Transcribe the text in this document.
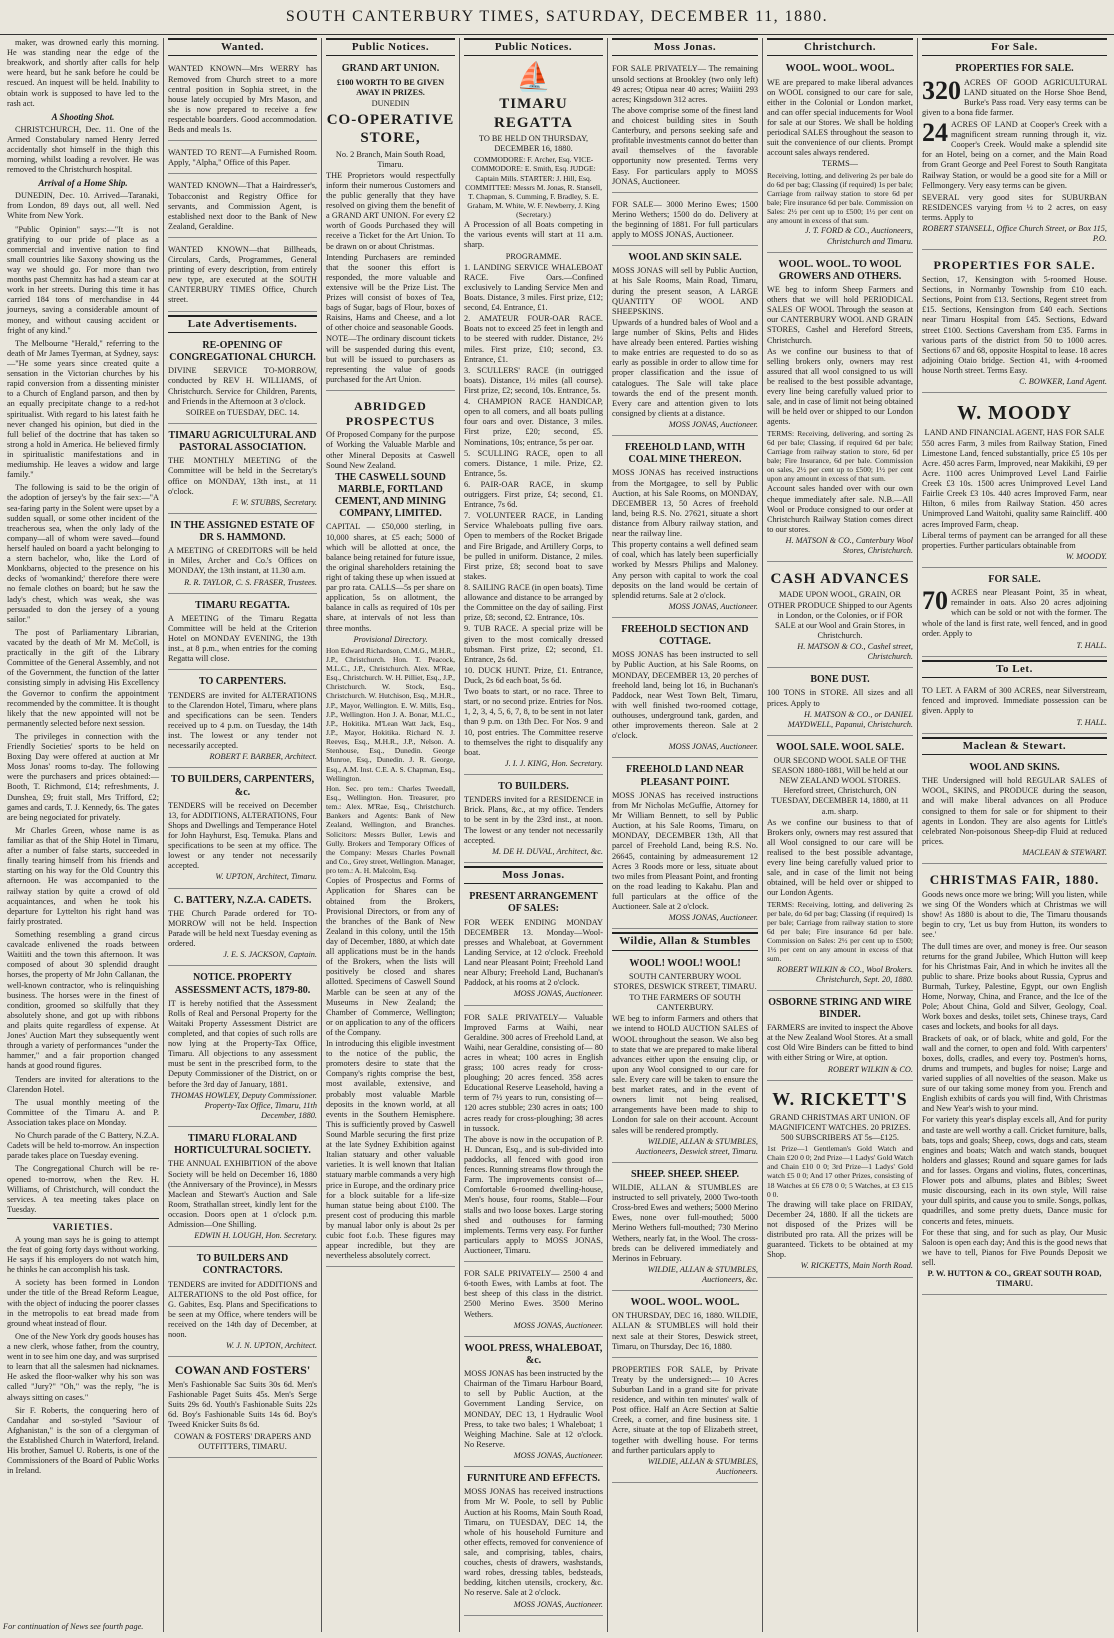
SOUTH CANTERBURY TIMES, SATURDAY, DECEMBER 11, 1880.

maker, was drowned early this morning. He was standing near the edge of the breakwork, and shortly after calls for help were heard, but he sank before he could be rescued. An inquest will be held. Inability to obtain work is supposed to have led to the rash act.

A Shooting Shot.

CHRISTCHURCH, Dec. 11. One of the Armed Constabulary named Henry Jerred accidentally shot himself in the thigh this morning, whilst loading a revolver. He was removed to the Christchurch hospital.

Arrival of a Home Ship.

DUNEDIN, Dec. 10. Arrived—Taranaki, from London, 89 days out, all well. Ned White from New York.

"Public Opinion" says:—"It is not gratifying to our pride of place as a commercial and inventive nation to find small countries like Saxony showing us the way we should go. For more than two months past Chemnitz has had a steam car at work in her streets. During this time it has carried 184 tons of merchandise in 44 journeys, saving a considerable amount of money, and without causing accident or fright of any kind."

The Melbourne "Herald," referring to the death of Mr James Tyerman, at Sydney, says:—"He some years since created quite a sensation in the Victorian churches by his rapid conversion from a dissenting minister to a Church of England parson, and then by an equally precipitate change to a red-hot spiritualist. With regard to his latest faith he never changed his opinion, but died in the full belief of the doctrine that has taken so strong a hold in America. He believed firmly in spiritualistic manifestations and in mediumship. He leaves a widow and large family."

The following is said to be the origin of the adoption of jersey's by the fair sex:—"A sea-faring party in the Solent were upset by a sudden squall, or some other incident of the treacherous sea, when the only lady of the company—all of whom were saved—found herself hauled on board a yacht belonging to a stern bachelor, who, like the Lord of Monkbarns, objected to the presence on his decks of 'womankind;' therefore there were no female clothes on board; but he saw the lady's chest, which was weak, she was persuaded to don the jersey of a young sailor."

The post of Parliamentary Librarian, vacated by the death of Mr M. McColl, is practically in the gift of the Library Committee of the General Assembly, and not of the Government, the function of the latter consisting simply in advising His Excellency the Governor to confirm the appointment recommended by the committee. It is thought likely that the new appointed will not be permanently selected before next session.

The privileges in connection with the Friendly Societies' sports to be held on Boxing Day were offered at auction at Mr Moss Jonas' rooms to-day. The following were the purchasers and prices obtained:—Booth, T. Richmond, £14; refreshments, J. Dunshea, £9; fruit stall, Mrs Trifford, £2; games and cards, T. J. Kennedy, 6s. The gates are being negociated for privately.

Mr Charles Green, whose name is as familiar as that of the Ship Hotel in Timaru, after a number of false starts, succeeded in finally tearing himself from his friends and starting on his way for the Old Country this afternoon. He was accompanied to the railway station by quite a crowd of old acquaintances, and when he took his departure for Lyttelton his right hand was fairly prostrated.

Something resembling a grand circus cavalcade enlivened the roads between Waitiiti and the town this afternoon. It was composed of about 30 splendid draught horses, the property of Mr John Callanan, the well-known contractor, who is relinquishing business. The horses were in the finest of condition, groomed so skilfully that they absolutely shone, and got up with ribbons and plaits quite regardless of expense. At Jones' Auction Mart they subsequently went through a variety of performances "under the hammer," and a fair proportion changed hands at good round figures.

Tenders are invited for alterations to the Clarendon Hotel.

The usual monthly meeting of the Committee of the Timaru A. and P. Association takes place on Monday.

No Church parade of the C Battery, N.Z.A. Cadets will be held to-morrow. An inspection parade takes place on Tuesday evening.

The Congregational Church will be re-opened to-morrow, when the Rev. H. Williams, of Christchurch, will conduct the services. A tea meeting takes place on Tuesday.

VARIETIES.

A young man says he is going to attempt the feat of going forty days without working. He says if his employers do not watch him, he thinks he can accomplish his task.

A society has been formed in London under the title of the Bread Reform League, with the object of inducing the poorer classes in the metropolis to eat bread made from ground wheat instead of flour.

One of the New York dry goods houses has a new clerk, whose father, from the country, went in to see him one day, and was surprised to learn that all the salesmen had nicknames. He asked the floor-walker why his son was called "Jury?" "Oh," was the reply, "he is always sitting on cases."

Sir F. Roberts, the conquering hero of Candahar and so-styled "Saviour of Afghanistan," is the son of a clergyman of the Established Church in Waterford, Ireland. His brother, Samuel U. Roberts, is one of the Commissioners of the Board of Public Works in Ireland.

Wanted.

WANTED KNOWN—Mrs WERRY has Removed from Church street to a more central position in Sophia street, in the house lately occupied by Mrs Mason, and she is now prepared to receive a few respectable boarders. Good accommodation. Beds and meals 1s.

WANTED TO RENT—A Furnished Room. Apply, "Alpha," Office of this Paper.

WANTED KNOWN—That a Hairdresser's, Tobacconist and Registry Office for servants, and Commission Agent, is established next door to the Bank of New Zealand, Geraldine.

WANTED KNOWN—that Billheads, Circulars, Cards, Programmes, General printing of every description, from entirely new type, are executed at the SOUTH CANTERBURY TIMES Office, Church street.

Late Advertisements.
RE-OPENING OF CONGREGATIONAL CHURCH.

DIVINE SERVICE TO-MORROW, conducted by REV H. WILLIAMS, of Christchurch. Service for Children, Parents, and Friends in the Afternoon at 3 o'clock.

SOIREE on TUESDAY, DEC. 14.

TIMARU AGRICULTURAL AND PASTORAL ASSOCIATION.

THE MONTHLY MEETING of the Committee will be held in the Secretary's office on MONDAY, 13th inst., at 11 o'clock.

F. W. STUBBS, Secretary.

IN THE ASSIGNED ESTATE OF DR S. HAMMOND.

A MEETING of CREDITORS will be held in Miles, Archer and Co.'s Offices on MONDAY, the 13th instant, at 11.30 a.m.

R. R. TAYLOR, C. S. FRASER, Trustees.

TIMARU REGATTA.

A MEETING of the Timaru Regatta Committee will be held at the Criterion Hotel on MONDAY EVENING, the 13th inst., at 8 p.m., when entries for the coming Regatta will close.

TO CARPENTERS.

TENDERS are invited for ALTERATIONS to the Clarendon Hotel, Timaru, where plans and specifications can be seen. Tenders received up to 4 p.m. on Tuesday, the 14th inst. The lowest or any tender not necessarily accepted.

ROBERT F. BARBER, Architect.

TO BUILDERS, CARPENTERS, &c.

TENDERS will be received on December 13, for ADDITIONS, ALTERATIONS, Four Shops and Dwellings and Temperance Hotel for John Hayhurst, Esq. Temuka. Plans and specifications to be seen at my office. The lowest or any tender not necessarily accepted.

W. UPTON, Architect, Timaru.

C. BATTERY, N.Z.A. CADETS.

THE Church Parade ordered for TO-MORROW will not be held. Inspection Parade will be held next Tuesday evening as ordered.

J. E. S. JACKSON, Captain.

NOTICE. PROPERTY ASSESSMENT ACTS, 1879-80.

IT is hereby notified that the Assessment Rolls of Real and Personal Property for the Waitaki Property Assessment District are completed, and that copies of such rolls are now lying at the Property-Tax Office, Timaru. All objections to any assessment must be sent in the prescribed form, to the Deputy Commissioner of the District, on or before the 3rd day of January, 1881.

THOMAS HOWLEY, Deputy Commissioner. Property-Tax Office, Timaru, 11th December, 1880.

TIMARU FLORAL AND HORTICULTURAL SOCIETY.

THE ANNUAL EXHIBITION of the above Society will be held on December 16, 1880 (the Anniversary of the Province), in Messrs Maclean and Stewart's Auction and Sale Room, Strathallan street, kindly lent for the occasion. Doors open at 1 o'clock p.m. Admission—One Shilling.

EDWIN H. LOUGH, Hon. Secretary.

TO BUILDERS AND CONTRACTORS.

TENDERS are invited for ADDITIONS and ALTERATIONS to the old Post office, for G. Gabites, Esq. Plans and Specifications to be seen at my Office, where tenders will be received on the 14th day of December, at noon.

W. J. N. UPTON, Architect.

COWAN AND FOSTERS'

Men's Fashionable Sac Suits 30s 6d. Men's Fashionable Paget Suits 45s. Men's Serge Suits 29s 6d. Youth's Fashionable Suits 22s 6d. Boy's Fashionable Suits 14s 6d. Boy's Tweed Knicker Suits 8s 6d.

COWAN & FOSTERS' DRAPERS AND OUTFITTERS, TIMARU.

Public Notices.
GRAND ART UNION.

£100 WORTH TO BE GIVEN AWAY IN PRIZES.

DUNEDIN

CO-OPERATIVE STORE,

No. 2 Branch, Main South Road, Timaru.

THE Proprietors would respectfully inform their numerous Customers and the public generally that they have resolved on giving them the benefit of a GRAND ART UNION. For every £2 worth of Goods Purchased they will receive a Ticket for the Art Union. To be drawn on or about Christmas.

Intending Purchasers are reminded that the sooner this effort is responded, the more valuable and extensive will be the Prize List. The Prizes will consist of boxes of Tea, bags of Sugar, bags of Flour, boxes of Raisins, Hams and Cheese, and a lot of other choice and seasonable Goods.

NOTE—The ordinary discount tickets will be suspended during this event, but will be issued to purchasers as representing the value of goods purchased for the Art Union.

ABRIDGED PROSPECTUS

Of Proposed Company for the purpose of Working the Valuable Marble and other Mineral Deposits at Caswell Sound New Zealand.

THE CASWELL SOUND MARBLE, FORTLAND CEMENT, AND MINING COMPANY, LIMITED.

CAPITAL — £50,000 sterling, in 10,000 shares, at £5 each; 5000 of which will be allotted at once, the balance being retained for future issue, the original shareholders retaining the right of taking these up when issued at par pro rata. CALLS—5s per share on application, 5s on allotment, the balance in calls as required of 10s per share, at intervals of not less than three months.

Provisional Directory.

Hon Edward Richardson, C.M.G., M.H.R., J.P., Christchurch. Hon. T. Peacock, M.L.C., J.P., Christchurch. Alex. M'Rae, Esq., Christchurch. W. H. Pilliet, Esq., J.P., Christchurch. W. Stock, Esq., Christchurch. W. Hutchison, Esq., M.H.R., J.P., Mayor, Wellington. E. W. Mills, Esq., J.P., Wellington. Hon J. A. Bonar, M.L.C., J.P., Hokitika. M'Lean Watt Jack, Esq., J.P., Mayor, Hokitika. Richard N. J. Reeves, Esq., M.H.R., J.P., Nelson. A. Stenhouse, Esq., Dunedin. George Munroe, Esq., Dunedin. J. R. George, Esq., A.M. Inst. C.E. A. S. Chapman, Esq., Wellington.

Hon. Sec. pro tem.: Charles Tweedall, Esq., Wellington. Hon. Treasurer, pro tem.: Alex. M'Rae, Esq., Christchurch. Bankers and Agents: Bank of New Zealand, Wellington, and Branches. Solicitors: Messrs Buller, Lewis and Gully. Brokers and Temporary Offices of the Company: Messrs Charles Pownall and Co., Grey street, Wellington. Manager, pro tem.: A. H. Malcolm, Esq.

Copies of Prospectus and Forms of Application for Shares can be obtained from the Brokers, Provisional Directors, or from any of the branches of the Bank of New Zealand in this colony, until the 15th day of December, 1880, at which date all applications must be in the hands of the Brokers, when the lists will positively be closed and shares allotted. Specimens of Caswell Sound Marble can be seen at any of the Museums in New Zealand; the Chamber of Commerce, Wellington; or on application to any of the officers of the Company.

In introducing this eligible investment to the notice of the public, the promoters desire to state that the Company's rights comprise the best, most available, extensive, and probably most valuable Marble deposits in the known world, at all events in the Southern Hemisphere. This is sufficiently proved by Caswell Sound Marble securing the first prize at the late Sydney Exhibition against Italian statuary and other valuable varieties. It is well known that Italian statuary marble commands a very high price in Europe, and the ordinary price for a block suitable for a life-size human statue being about £100. The present cost of producing this marble by manual labor only is about 2s per cubic foot f.o.b. These figures may appear incredible, but they are nevertheless absolutely correct.

Public Notices.
⛵
TIMARU REGATTA

TO BE HELD ON THURSDAY, DECEMBER 16, 1880.

COMMODORE: F. Archer, Esq. VICE-COMMODORE: E. Smith, Esq. JUDGE: Captain Mills. STARTER: J. Hill, Esq. COMMITTEE: Messrs M. Jonas, R. Stansell, T. Chapman, S. Cumming, F. Bradley, S. E. Graham, M. White, W. F. Newberry, J. King (Secretary.)

A Procession of all Boats competing in the various events will start at 11 a.m. sharp.

PROGRAMME.

1. LANDING SERVICE WHALEBOAT RACE. Five Oars.—Confined exclusively to Landing Service Men and Boats. Distance, 3 miles. First prize, £12; second, £4. Entrance, £1.

2. AMATEUR FOUR-OAR RACE. Boats not to exceed 25 feet in length and to be steered with rudder. Distance, 2½ miles. First prize, £10; second, £3. Entrance, £1.

3. SCULLERS' RACE (in outrigged boats). Distance, 1½ miles (all course). First prize, £2; second, 10s. Entrance, 5s.

4. CHAMPION RACE HANDICAP, open to all comers, and all boats pulling four oars and over. Distance, 3 miles. First prize, £20; second, £5. Nominations, 10s; entrance, 5s per oar.

5. SCULLING RACE, open to all comers. Distance, 1 mile. Prize, £2. Entrance, 5s.

6. PAIR-OAR RACE, in skump outriggers. First prize, £4; second, £1. Entrance, 7s 6d.

7. VOLUNTEER RACE, in Landing Service Whaleboats pulling five oars. Open to members of the Rocket Brigade and Fire Brigade, and Artillery Corps, to be pulled in uniform. Distance, 2 miles. First prize, £8; second boat to save stakes.

8. SAILING RACE (in open boats). Time allowance and distance to be arranged by the Committee on the day of sailing. First prize, £8; second, £2. Entrance, 10s.

9. TUB RACE. A special prize will be given to the most comically dressed tubsman. First prize, £2; second, £1. Entrance, 2s 6d.

10. DUCK HUNT. Prize, £1. Entrance, Duck, 2s 6d each boat, 5s 6d.

Two boats to start, or no race. Three to start, or no second prize. Entries for Nos. 1, 2, 3, 4, 5, 6, 7, 8, to be sent in not later than 9 p.m. on 13th Dec. For Nos. 9 and 10, post entries. The Committee reserve to themselves the right to disqualify any boat.

J. I. J. KING, Hon. Secretary.

TO BUILDERS.

TENDERS invited for a RESIDENCE in Brick. Plans, &c., at my office. Tenders to be sent in by the 23rd inst., at noon. The lowest or any tender not necessarily accepted.

M. DE H. DUVAL, Architect, &c.

Moss Jonas.
PRESENT ARRANGEMENT OF SALES:

FOR WEEK ENDING MONDAY DECEMBER 13. Monday—Wool-presses and Whaleboat, at Government Landing Service, at 12 o'clock. Freehold Land near Pleasant Point; Freehold Land near Albury; Freehold Land, Buchanan's Paddock, at his rooms at 2 o'clock.

MOSS JONAS, Auctioneer.

FOR SALE PRIVATELY— Valuable Improved Farms at Waihi, near Geraldine. 300 acres of Freehold Land, at Waihi, near Geraldine, consisting of— 80 acres in wheat; 100 acres in English grass; 100 acres ready for cross-ploughing; 20 acres fenced. 358 acres Educational Reserve Leasehold, having a term of 7½ years to run, consisting of— 120 acres stubble; 230 acres in oats; 100 acres ready for cross-ploughing; 38 acres in tussock.

The above is now in the occupation of P. H. Duncan, Esq., and is sub-divided into paddocks, all fenced with good iron fences. Running streams flow through the Farm. The improvements consist of—Comfortable 6-roomed dwelling-house, Men's house, four rooms, Stable—Four stalls and two loose boxes. Large storing shed and outhouses for farming implements. Terms very easy. For further particulars apply to MOSS JONAS, Auctioneer, Timaru.

FOR SALE PRIVATELY— 2500 4 and 6-tooth Ewes, with Lambs at foot. The best sheep of this class in the district. 2500 Merino Ewes. 3500 Merino Wethers.

MOSS JONAS, Auctioneer.

WOOL PRESS, WHALEBOAT, &c.

MOSS JONAS has been instructed by the Chairman of the Timaru Harbour Board, to sell by Public Auction, at the Government Landing Service, on MONDAY, DEC 13, 1 Hydraulic Wool Press, to take two bales; 1 Whaleboat; 1 Weighing Machine. Sale at 12 o'clock. No Reserve.

MOSS JONAS, Auctioneer.

FURNITURE AND EFFECTS.

MOSS JONAS has received instructions from Mr W. Poole, to sell by Public Auction at his Rooms, Main South Road, Timaru, on TUESDAY, DEC 14, the whole of his household Furniture and other effects, removed for convenience of sale, and comprising, tables, chairs, couches, chests of drawers, washstands, ward robes, dressing tables, bedsteads, bedding, kitchen utensils, crockery, &c. No reserve. Sale at 2 o'clock.

MOSS JONAS, Auctioneer.

Moss Jonas.

FOR SALE PRIVATELY— The remaining unsold sections at Brookley (two only left) 49 acres; Otipua near 40 acres; Waiiiti 293 acres; Kingsdown 312 acres.

The above comprise some of the finest land and choicest building sites in South Canterbury, and persons seeking safe and profitable investments cannot do better than avail themselves of the favorable opportunity now presented. Terms very Easy. For particulars apply to MOSS JONAS, Auctioneer.

FOR SALE— 3000 Merino Ewes; 1500 Merino Wethers; 1500 do do. Delivery at the beginning of 1881. For full particulars apply to MOSS JONAS, Auctioneer.

WOOL AND SKIN SALE.

MOSS JONAS will sell by Public Auction, at his Sale Rooms, Main Road, Timaru, during the present season, A LARGE QUANTITY OF WOOL AND SHEEPSKINS.

Upwards of a hundred bales of Wool and a large number of Skins, Pelts and Hides have already been entered. Parties wishing to make entries are requested to do so as early as possible in order to allow time for proper classification and the issue of catalogues. The Sale will take place towards the end of the present month. Every care and attention given to lots consigned by clients at a distance.

MOSS JONAS, Auctioneer.

FREEHOLD LAND, WITH COAL MINE THEREON.

MOSS JONAS has received instructions from the Mortgagee, to sell by Public Auction, at his Sale Rooms, on MONDAY, DECEMBER 13, 50 Acres of freehold land, being R.S. No. 27621, situate a short distance from Albury railway station, and near the railway line.

This property contains a well defined seam of coal, which has lately been superficially worked by Messrs Philips and Maloney. Any person with capital to work the coal deposits on the land would be certain of splendid returns. Sale at 2 o'clock.

MOSS JONAS, Auctioneer.

FREEHOLD SECTION AND COTTAGE.

MOSS JONAS has been instructed to sell by Public Auction, at his Sale Rooms, on MONDAY, DECEMBER 13, 20 perches of freehold land, being lot 16, in Buchanan's Paddock, near West Town Belt, Timaru, with well finished two-roomed cottage, outhouses, underground tank, garden, and other improvements thereon. Sale at 2 o'clock.

MOSS JONAS, Auctioneer.

FREEHOLD LAND NEAR PLEASANT POINT.

MOSS JONAS has received instructions from Mr Nicholas McGuffie, Attorney for Mr William Bennett, to sell by Public Auction, at his Sale Rooms, Timaru, on MONDAY, DECEMBER 13th, All that parcel of Freehold Land, being R.S. No. 26645, containing by admeasurement 12 Acres 3 Roods more or less, situate about two miles from Pleasant Point, and fronting on the road leading to Kakahu. Plan and full particulars at the office of the Auctioneer. Sale at 2 o'clock.

MOSS JONAS, Auctioneer.

Wildie, Allan & Stumbles
WOOL! WOOL! WOOL!

SOUTH CANTERBURY WOOL STORES, DESWICK STREET, TIMARU.

TO THE FARMERS OF SOUTH CANTERBURY.

WE beg to inform Farmers and others that we intend to HOLD AUCTION SALES of WOOL throughout the season. We also beg to state that we are prepared to make liberal advances either upon the ensuing clip, or upon any Wool consigned to our care for sale. Every care will be taken to ensure the best market rates, and in the event of owners limit not being realised, arrangements have been made to ship to London for sale on their account. Account sales will be rendered promptly.

WILDIE, ALLAN & STUMBLES, Auctioneers, Deswick street, Timaru.

SHEEP. SHEEP. SHEEP.

WILDIE, ALLAN & STUMBLES are instructed to sell privately, 2000 Two-tooth Cross-bred Ewes and wethers; 5000 Merino Ewes, none over full-mouthed; 5000 Merino Wethers full-mouthed; 730 Merino Wethers, nearly fat, in the Wool. The cross-breds can be delivered immediately and Merinos in February.

WILDIE, ALLAN & STUMBLES, Auctioneers, &c.

WOOL. WOOL. WOOL.

ON THURSDAY, DEC 16, 1880. WILDIE, ALLAN & STUMBLES will hold their next sale at their Stores, Deswick street, Timaru, on Thursday, Dec 16, 1880.

PROPERTIES FOR SALE, by Private Treaty by the undersigned:— 10 Acres Suburban Land in a grand site for private residence, and within ten minutes' walk of Post office. Half an Acre Section at Saltie Creek, a corner, and fine business site. 1 Acre, situate at the top of Elizabeth street, together with dwelling house. For terms and further particulars apply to

WILDIE, ALLAN & STUMBLES, Auctioneers.

Christchurch.
WOOL. WOOL. WOOL.

WE are prepared to make liberal advances on WOOL consigned to our care for sale, either in the Colonial or London market, and can offer special inducements for Wool for sale at our Stores. We shall be holding periodical SALES throughout the season to suit the convenience of our clients. Prompt account sales always rendered.

TERMS—

Receiving, lotting, and delivering 2s per bale do do 6d per bag; Classing (if required) 1s per bale; Carriage from railway station to store 6d per bale; Fire insurance 6d per bale. Commission on Sales: 2½ per cent up to £500; 1½ per cent on any amount in excess of that sum.

J. T. FORD & CO., Auctioneers, Christchurch and Timaru.

WOOL. WOOL. TO WOOL GROWERS AND OTHERS.

WE beg to inform Sheep Farmers and others that we will hold PERIODICAL SALES OF WOOL Through the season at our CANTERBURY WOOL AND GRAIN STORES, Cashel and Hereford Streets, Christchurch.

As we confine our business to that of selling brokers only, owners may rest assured that all wool consigned to us will be realised to the best possible advantage, every line being carefully valued prior to sale, and in case of limit not being obtained will be held over or shipped to our London agents.

TERMS: Receiving, delivering, and sorting 2s 6d per bale; Classing, if required 6d per bale; Carriage from railway station to store, 6d per bale; Fire Insurance, 6d per bale. Commission on sales, 2½ per cent up to £500; 1½ per cent upon any amount in excess of that sum.

Account sales handed over with our own cheque immediately after sale. N.B.—All Wool or Produce consigned to our order at Christchurch Railway Station comes direct to our stores.

H. MATSON & CO., Canterbury Wool Stores, Christchurch.

CASH ADVANCES

MADE UPON WOOL, GRAIN, OR OTHER PRODUCE Shipped to our Agents in London, or the Colonies, or if FOR SALE at our Wool and Grain Stores, in Christchurch.

H. MATSON & CO., Cashel street, Christchurch.

BONE DUST.

100 TONS in STORE. All sizes and all prices. Apply to

H. MATSON & CO., or DANIEL MAYDWELL, Papanui, Christchurch.

WOOL SALE. WOOL SALE.

OUR SECOND WOOL SALE OF THE SEASON 1880-1881, Will be held at our NEW ZEALAND WOOL STORES. Hereford street, Christchurch, ON TUESDAY, DECEMBER 14, 1880, at 11 a.m. sharp.

As we confine our business to that of Brokers only, owners may rest assured that all Wool consigned to our care will be realised to the best possible advantage, every line being carefully valued prior to sale, and in case of the limit not being obtained, will be held over or shipped to our London Agents.

TERMS: Receiving, lotting, and delivering 2s per bale, do 6d per bag; Classing (if required) 1s per bale; Carriage from railway station to store 6d per bale; Fire insurance 6d per bale. Commission on Sales: 2½ per cent up to £500; 1½ per cent on any amount in excess of that sum.

ROBERT WILKIN & CO., Wool Brokers. Christchurch, Sept. 20, 1880.

OSBORNE STRING AND WIRE BINDER.

FARMERS are invited to inspect the Above at the New Zealand Wool Stores. At a small cost Old Wire Binders can be fitted to bind with either String or Wire, at option.

ROBERT WILKIN & CO.

W. RICKETT'S

GRAND CHRISTMAS ART UNION. OF MAGNIFICENT WATCHES. 20 PRIZES. 500 SUBSCRIBERS AT 5s—£125.

1st Prize—1 Gentleman's Gold Watch and Chain £20 0 0; 2nd Prize—1 Ladys' Gold Watch and Chain £10 0 0; 3rd Prize—1 Ladys' Gold watch £5 0 0; And 17 other Prizes, consisting of 18 Watches at £6 £78 0 0; 5 Watches, at £3 £15 0 0.

The drawing will take place on FRIDAY, December 24, 1880. If all the tickets are not disposed of the Prizes will be distributed pro rata. All the prizes will be guaranteed. Tickets to be obtained at my Shop.

W. RICKETTS, Main North Road.

For Sale.
PROPERTIES FOR SALE.

320 ACRES OF GOOD AGRICULTURAL LAND situated on the Horse Shoe Bend, Burke's Pass road. Very easy terms can be given to a bona fide farmer.

24 ACRES OF LAND at Cooper's Creek with a magnificent stream running through it, viz. Cooper's Creek. Would make a splendid site for an Hotel, being on a corner, and the Main Road from Grant George and Peel Forest to South Rangitata Railway Station, or would be a good site for a Mill or Fellmongery. Very easy terms can be given.

SEVERAL very good sites for SUBURBAN RESIDENCES varying from ½ to 2 acres, on easy terms. Apply to

ROBERT STANSELL, Office Church Street, or Box 115, P.O.

PROPERTIES FOR SALE.

Section, 17, Kensington with 5-roomed House. Sections, in Normanby Township from £10 each. Sections, Point from £13. Sections, Regent street from £15. Sections, Kensington from £40 each. Sections near Timaru Hospital from £45. Sections, Edward street £100. Sections Caversham from £35. Farms in various parts of the district from 50 to 1000 acres. Sections 67 and 68, opposite Hospital to lease. 18 acres adjoining Otaio bridge. Section 41, with 4-roomed house North street. Terms Easy.

C. BOWKER, Land Agent.

W. MOODY

LAND AND FINANCIAL AGENT, HAS FOR SALE

550 acres Farm, 3 miles from Railway Station, Fined Limestone Land, fenced substantially, price £5 10s per Acre. 450 acres Farm, Improved, near Makikihi, £9 per Acre. 1100 acres Unimproved Level Land Fairlie Creek £3 10s. 1500 acres Unimproved Level Land Fairlie Creek £3 10s. 440 acres Improved Farm, near Hilton, 6 miles from Railway Station. 450 acres Unimproved Land Waitohi, quality same Raincliff. 400 acres Improved Farm, cheap.

Liberal terms of payment can be arranged for all these properties. Further particulars obtainable from

W. MOODY.

FOR SALE.

70 ACRES near Pleasant Point, 35 in wheat, remainder in oats. Also 20 acres adjoining which can be sold or not with the former. The whole of the land is first rate, well fenced, and in good order. Apply to

T. HALL.

To Let.

TO LET. A FARM of 300 ACRES, near Silverstream, fenced and improved. Immediate possession can be given. Apply to

T. HALL.

Maclean & Stewart.
WOOL AND SKINS.

THE Undersigned will hold REGULAR SALES of WOOL, SKINS, and PRODUCE during the season, and will make liberal advances on all Produce consigned to them for sale or for shipment to their agents in London. They are also agents for Little's celebrated Non-poisonous Sheep-dip Fluid at reduced prices.

MACLEAN & STEWART.

CHRISTMAS FAIR, 1880.

Goods news once more we bring; Will you listen, while we sing Of the Wonders which at Christmas we will show! As 1880 is about to die, The Timaru thousands begin to cry, 'Let us buy from Hutton, its wonders to see.'

The dull times are over, and money is free. Our season returns for the grand Jubilee, Which Hutton will keep for his Christmas Fair, And in which he invites all the public to share. Prize books about Russia, Cyprus and Burmah, Turkey, Palestine, Egypt, our own English Home, Norway, China, and France, and the Ice of the Pole; About China, Gold and Silver, Geology, Coal. Work boxes and desks, toilet sets, Chinese trays, Card cases and lockets, and books for all days.

Brackets of oak, or of black, white and gold, For the wall and the corner, to open and fold. With carpenters' boxes, dolls, cradles, and every toy. Postmen's horns, drums and trumpets, and bugles for noise; Large and varied supplies of all novelties of the season. Make us sure of our taking some money from you. French and English exhibits of cards you will find, With Christmas and New Year's wish to your mind.

For variety this year's display excels all, And for purity and taste are well worthy a call. Cricket furniture, balls, bats, tops and goals; Sheep, cows, dogs and cats, steam engines and boats; Watch and watch stands, bouquet holders and glasses; Round and square games for lads and for lasses. Organs and violins, flutes, concertinas, Flower pots and albums, plates and Bibles; Sweet music discoursing, each in its own style, Will raise your dull spirits, and cause you to smile. Songs, polkas, quadrilles, and some pretty duets, Dance music for concerts and fetes, minuets.

For these that sing, and for such as play, Our Music Saloon is open each day; And this is the good news that we have to tell, Pianos for Five Pounds Deposit we sell.

P. W. HUTTON & CO., GREAT SOUTH ROAD, TIMARU.

For continuation of News see fourth page.
